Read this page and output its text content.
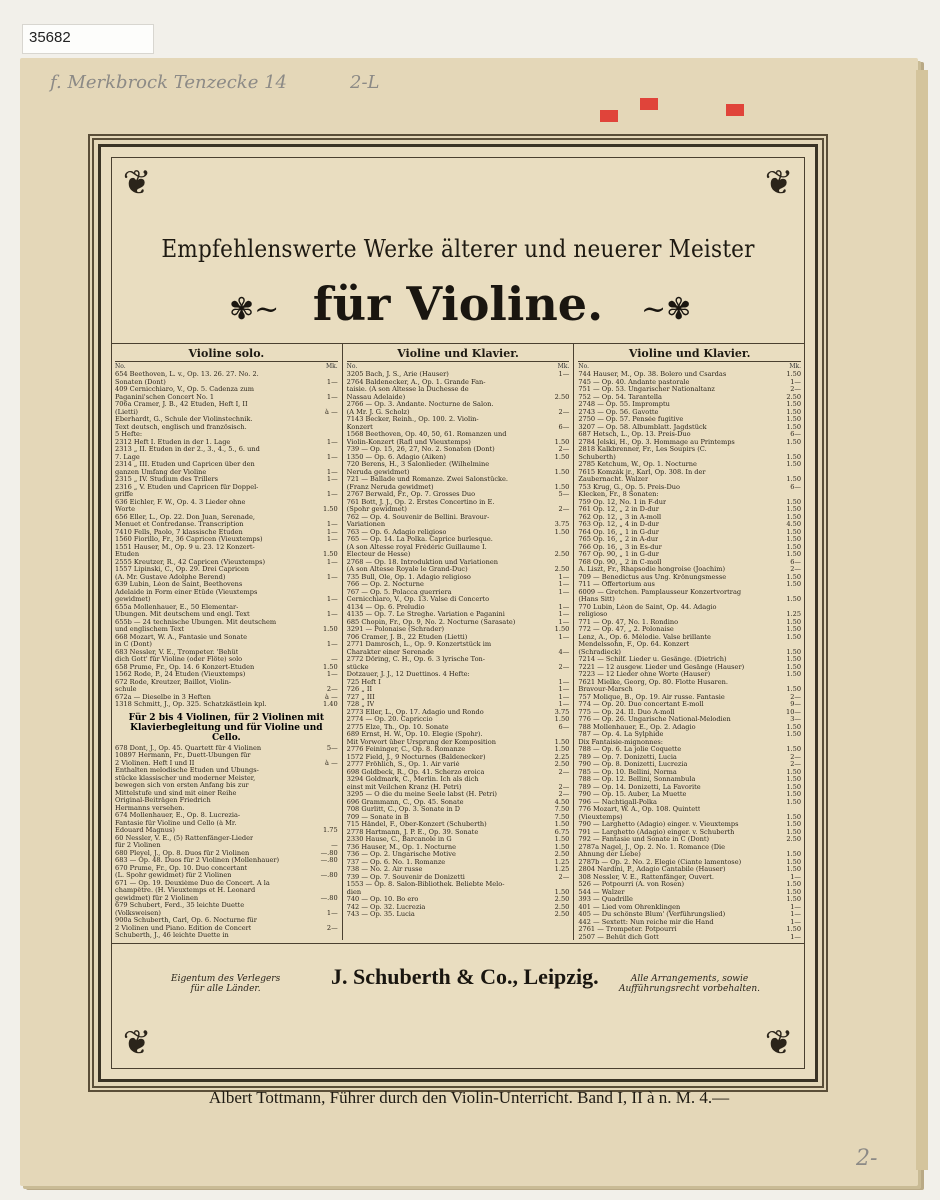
35682
f. Merkbrock Tenzecke 14	2-L
2-
❦	❦
❦	❦
Empfehlenswerte Werke älterer und neuerer Meister
✾~ für Violine.	~✾
Violine solo.
No.	Mk.
654 Beethoven, L. v., Op. 13. 26. 27. No. 2.
Sonaten (Dont)	1—
409 Cernicchiaro, V., Op. 5. Cadenza zum
Paganini'schen Concert No. 1	1—
706a Cramer, J. B., 42 Etuden, Heft I, II
(Lietti)	à —
Eberhardt, G., Schule der Violinstechnik.
Text deutsch, englisch und französisch.
5 Hefte:
2312 Heft I. Etuden in der 1. Lage	1—
2313 „ II. Etuden in der 2., 3., 4., 5., 6. und
7. Lage	1—
2314 „ III. Etuden und Capricen über den
ganzen Umfang der Violine	1—
2315 „ IV. Studium des Trillers	1—
2316 „ V. Etuden und Capricen für Doppel-
griffe	1—
636 Eichler, F. W., Op. 4. 3 Lieder ohne
Worte	1.50
656 Eller, L., Op. 22. Don Juan, Serenade,
Menuet et Contredanse. Transcription	1—
7410 Fells, Paolo, 7 klassische Etuden	1—
1560 Fiorillo, Fr., 36 Capricen (Vieuxtemps)	1—
1551 Hauser, M., Op. 9 u. 23. 12 Konzert-
Etuden	1.50
2555 Kreutzer, R., 42 Capricen (Vieuxtemps)	1—
1557 Lipinski, C., Op. 29. Drei Capricen
(A. Mr. Gustave Adolphe Berend)	1—
639 Lubin, Léon de Saint, Beethovens
Adelaide in Form einer Etüde (Vieuxtemps
gewidmet)	1—
655a Mollenhauer, E., 50 Elementar-
Übungen. Mit deutschem und engl. Text	1—
655b — 24 technische Übungen. Mit deutschem
und englischem Text	1.50
668 Mozart, W. A., Fantasie und Sonate
in C (Dont)	1—
683 Nessler, V. E., Trompeter. 'Behüt
dich Gott' für Violine (oder Flöte) solo	—
658 Prume, Fr., Op. 14. 6 Konzert-Etuden	1.50
1562 Rode, P., 24 Etuden (Vieuxtemps)	1—
672 Rode, Kreutzer, Baillot, Violin-
schule	2—
672a — Dieselbe in 3 Heften	à —
1318 Schmitt, J., Op. 325. Schatzkästlein kpl.	1.40
Für 2 bis 4 Violinen, für 2 Violinen mit Klavierbegleitung und für Violine und Cello.
678 Dont, J., Op. 45. Quartett für 4 Violinen	5—
10897 Hermann, Fr., Duett-Übungen für
2 Violinen. Heft I und II	à —
Enthalten melodische Etuden und Übungs-
stücke klassischer und moderner Meister,
bewegen sich von ersten Anfang bis zur
Mittelstufe und sind mit einer Reihe
Original-Beiträgen Friedrich
Hermanns versehen.
674 Mollenhauer, E., Op. 8. Lucrezia-
Fantasie für Violine und Cello (à Mr.
Edouard Magnus)	1.75
60 Nessler, V. E., (5) Rattenfänger-Lieder
für 2 Violinen	—
680 Pleyel, J., Op. 8. Duos für 2 Violinen	—.80
683 — Op. 48. Duos für 2 Violinen (Mollenhauer)	—.80
670 Prume, Fr., Op. 10. Duo concertant
(L. Spohr gewidmet) für 2 Violinen	—.80
671 — Op. 19. Deuxième Duo de Concert. A la
champêtre. (H. Vieuxtemps et H. Leonard
gewidmet) für 2 Violinen	—.80
679 Schubert, Ferd., 35 leichte Duette
(Volksweisen)	1—
900a Schuberth, Carl, Op. 6. Nocturne für
2 Violinen und Piano. Edition de Concert	2—
Schuberth, J., 46 leichte Duette in
Violine und Klavier.
No.	Mk.
3205 Bach, J. S., Arie (Hauser)	1—
2764 Baldenecker, A., Op. 1. Grande Fan-
taisie. (A son Altesse la Duchesse de
Nassau Adelaide)	2.50
2766 — Op. 3. Andante. Nocturne de Salon.
(A Mr. J. G. Scholz)	2—
7143 Becker, Reinh., Op. 100. 2. Violin-
Konzert	6—
1568 Beethoven, Op. 40, 50, 61. Romanzen und
Violin-Konzert (Rafl und Vieuxtemps)	1.50
739 — Op. 15, 26, 27, No. 2. Sonaten (Dont)	2—
1350 — Op. 6. Adagio (Aiken)	1.50
720 Berens, H., 3 Salonlieder. (Wilhelmine
Neruda gewidmet)	1.50
721 — Ballade und Romanze. Zwei Salonstücke.
(Franz Neruda gewidmet)	1.50
2767 Berwald, Fr., Op. 7. Grosses Duo	5—
761 Bott, J. J., Op. 2. Erstes Concertino in E.
(Spohr gewidmet)	2—
762 — Op. 4. Souvenir de Bellini. Bravour-
Variationen	3.75
763 — Op. 6. Adagio religioso	1.50
765 — Op. 14. La Polka. Caprice burlesque.
(A son Altesse royal Frédéric Guillaume I.
Electeur de Hesse)	2.50
2768 — Op. 18. Introduktion und Variationen
(A son Altesse Royale le Grand-Duc)	2.50
735 Bull, Ole, Op. 1. Adagio religioso	1—
766 — Op. 2. Nocturne	1—
767 — Op. 5. Polacca guerriera	1—
Cernicchiaro, V., Op. 13. Valse di Concerto
4134 — Op. 6. Preludio	1—
4135 — Op. 7. Le Streghe. Variation e Paganini	1—
685 Chopin, Fr., Op. 9, No. 2. Nocturne (Sarasate)	1—
3291 — Polonaise (Schrader)	1.50
706 Cramer, J. B., 22 Etuden (Lietti)	1—
2771 Damrosch, L., Op. 9. Konzertstück im
Charakter einer Serenade	4—
2772 Döring, C. H., Op. 6. 3 lyrische Ton-
stücke	2—
Dotzauer, J. J., 12 Duettinos. 4 Hefte:
725 Heft I	1—
726 „ II	1—
727 „ III	1—
728 „ IV	1—
2773 Eller, L., Op. 17. Adagio und Rondo	3.75
2774 — Op. 20. Capriccio	1.50
2775 Elze, Th., Op. 10. Sonate	6—
689 Ernst, H. W., Op. 10. Elegie (Spohr).
Mit Vorwort über Ursprung der Komposition	1.50
2776 Feininger, C., Op. 8. Romanze	1.50
1572 Field, J., 9 Nocturnes (Baldenecker)	2.25
2777 Fröhlich, S., Op. 1. Air varié	2.50
698 Goldbeck, R., Op. 41. Scherzo eroica	2—
3294 Goldmark, C., Merlin. Ich als dich
einst mit Veilchen Kranz (H. Petri)	2—
3295 — O die du meine Seele labst (H. Petri)	2—
696 Grammann, C., Op. 45. Sonate	4.50
708 Gurlitt, C., Op. 3. Sonate in D	7.50
709 — Sonate in B	7.50
715 Händel, F., Ober-Konzert (Schuberth)	1.50
2778 Hartmann, J. P. E., Op. 39. Sonate	6.75
2330 Hause, C., Barcanole in G	1.50
736 Hauser, M., Op. 1. Nocturne	1.50
736 — Op. 2. Ungarische Motive	2.50
737 — Op. 6. No. 1. Romanze	1.25
738 — No. 2. Air russe	1.25
739 — Op. 7. Souvenir de Donizetti	2—
1553 — Op. 8. Salon-Bibliothek. Beliebte Melo-
dien	1.50
740 — Op. 10. Bo ero	2.50
742 — Op. 32. Lucrezia	2.50
743 — Op. 35. Lucia	2.50
Violine und Klavier.
No.	Mk.
744 Hauser, M., Op. 38. Bolero und Csardas	1.50
745 — Op. 40. Andante pastorale	1—
751 — Op. 53. Ungarischer Nationaltanz	2—
752 — Op. 54. Tarantella	2.50
2748 — Op. 55. Impromptu	1.50
2743 — Op. 56. Gavotte	1.50
2750 — Op. 57. Pensée fugitive	1.50
3207 — Op. 58. Albumblatt. Jagdstück	1.50
687 Hetsch, L., Op. 13. Preis-Duo	6—
2784 Jelski, H., Op. 3. Hommage au Printemps	1.50
2818 Kalkbrenner, Fr., Les Soupirs (C.
Schuberth)	1.50
2785 Ketchum, W., Op. 1. Nocturne	1.50
7615 Komzák jr., Karl, Op. 308. In der
Zaubernacht. Walzer	1.50
753 Krug, G., Op. 5. Preis-Duo	6—
Klecken, Fr., 8 Sonaten:
759 Op. 12, No. 1 in F-dur	1.50
761 Op. 12, „ 2 in D-dur	1.50
762 Op. 12, „ 3 in A-moll	1.50
763 Op. 12, „ 4 in D-dur	4.50
764 Op. 16, „ 1 in G-dur	1.50
765 Op. 16, „ 2 in A-dur	1.50
766 Op. 16, „ 3 in Es-dur	1.50
767 Op. 90, „ 1 in G-dur	1.50
768 Op. 90, „ 2 in C-moll	6—
A. Liszt, Fr., Rhapsodie hongroise (Joachim)	2—
709 — Benedictus aus Ung. Krönungsmesse	1.50
711 — Offertorium aus	1.50
6009 — Gretchen. Pamplausseur Konzertvortrag
(Hans Sitt)	1.50
770 Lubin, Léon de Saint, Op. 44. Adagio
religioso	1.25
771 — Op. 47, No. 1. Rondino	1.50
772 — Op. 47, „ 2. Polonaise	1.50
Lenz, A., Op. 6. Mélodie. Valse brillante	1.50
Mendelssohn, F., Op. 64. Konzert
(Schradieck)	1.50
7214 — Schilf. Lieder u. Gesänge. (Dietrich)	1.50
7221 — 12 ausgew. Lieder und Gesänge (Hauser)	1.50
7223 — 12 Lieder ohne Worte (Hauser)	1.50
7621 Mielke, Georg, Op. 80. Flotte Husaren.
Bravour-Marsch	1.50
757 Molique, B., Op. 19. Air russe. Fantasie	2—
774 — Op. 20. Duo concertant E-moll	9—
775 — Op. 24. II. Duo A-moll	10—
776 — Op. 26. Ungarische National-Melodien	3—
788 Mollenhauer, E., Op. 2. Adagio	1.50
787 — Op. 4. La Sylphide	1.50
Dix Fantaisie-mignonnes:
788 — Op. 6. La jolie Coquette	1.50
789 — Op. 7. Donizetti, Lucia	2—
790 — Op. 8. Donizetti, Lucrezia	2—
785 — Op. 10. Bellini, Norma	1.50
788 — Op. 12. Bellini, Sonnambula	1.50
789 — Op. 14. Donizetti, La Favorite	1.50
790 — Op. 15. Auber, La Muette	1.50
796 — Nachtigall-Polka	1.50
776 Mozart, W. A., Op. 108. Quintett
(Vieuxtemps)	1.50
790 — Larghetto (Adagio) einger. v. Vieuxtemps	1.50
791 — Larghetto (Adagio) einger. v. Schuberth	1.50
792 — Fantasie und Sonate in C (Dont)	2.50
2787a Nagel, J., Op. 2. No. 1. Romance (Die
Ahnung der Liebe)	1.50
2787b — Op. 2. No. 2. Elegie (Ciante lamentose)	1.50
2804 Nardini, P., Adagio Cantabile (Hauser)	1.50
308 Nessler, V. E., Rattenfänger, Ouvert.	1—
526 — Potpourri (A. von Rosen)	1.50
544 — Walzer	1.50
393 — Quadrille	1.50
401 — Lied vom Ohrenklingen	1—
405 — Du schönste Blum' (Verführungslied)	1—
442 — Sextett: Nun reiche mir die Hand	1—
2761 — Trompeter. Potpourri	1.50
2507 — Behüt dich Gott	1—
Eigentum des Verlegers
für alle Länder.	J. Schuberth & Co., Leipzig.	Alle Arrangements, sowie
Aufführungsrecht vorbehalten.
Albert Tottmann, Führer durch den Violin-Unterricht. Band I, II à n. M. 4.—
